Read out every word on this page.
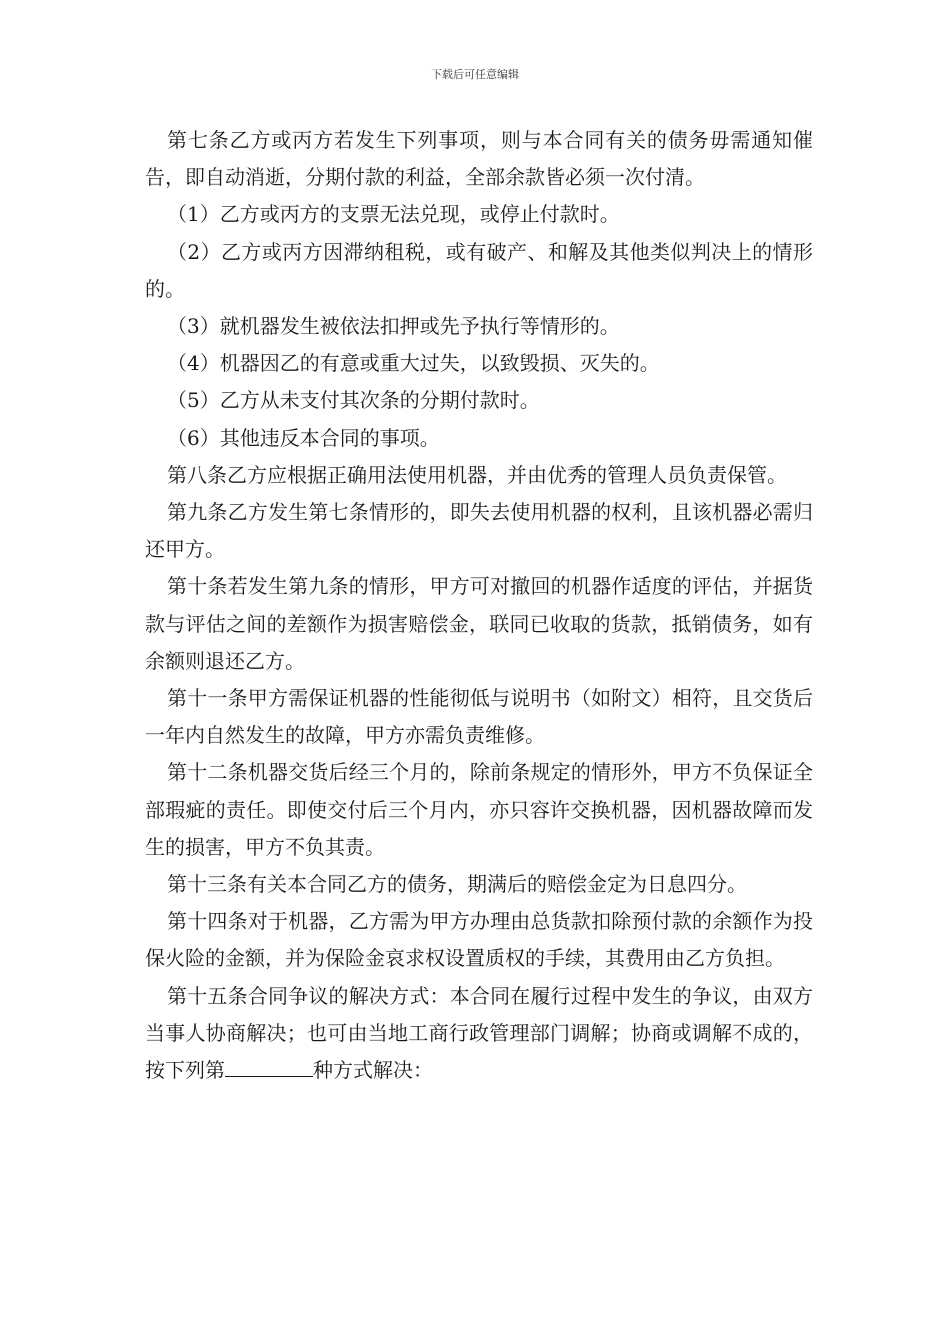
下载后可任意编辑

第七条乙方或丙方若发生下列事项，则与本合同有关的债务毋需通知催告，即自动消逝，分期付款的利益，全部余款皆必须一次付清。

（1）乙方或丙方的支票无法兑现，或停止付款时。

（2）乙方或丙方因滞纳租税，或有破产、和解及其他类似判决上的情形的。

（3）就机器发生被依法扣押或先予执行等情形的。

（4）机器因乙的有意或重大过失，以致毁损、灭失的。

（5）乙方从未支付其次条的分期付款时。

（6）其他违反本合同的事项。

第八条乙方应根据正确用法使用机器，并由优秀的管理人员负责保管。

第九条乙方发生第七条情形的，即失去使用机器的权利，且该机器必需归还甲方。

第十条若发生第九条的情形，甲方可对撤回的机器作适度的评估，并据货款与评估之间的差额作为损害赔偿金，联同已收取的货款，抵销债务，如有余额则退还乙方。

第十一条甲方需保证机器的性能彻低与说明书（如附文）相符，且交货后一年内自然发生的故障，甲方亦需负责维修。

第十二条机器交货后经三个月的，除前条规定的情形外，甲方不负保证全部瑕疵的责任。即使交付后三个月内，亦只容许交换机器，因机器故障而发生的损害，甲方不负其责。

第十三条有关本合同乙方的债务，期满后的赔偿金定为日息四分。

第十四条对于机器，乙方需为甲方办理由总货款扣除预付款的余额作为投保火险的金额，并为保险金哀求权设置质权的手续，其费用由乙方负担。

第十五条合同争议的解决方式：本合同在履行过程中发生的争议，由双方当事人协商解决；也可由当地工商行政管理部门调解；协商或调解不成的，按下列第	种方式解决：
